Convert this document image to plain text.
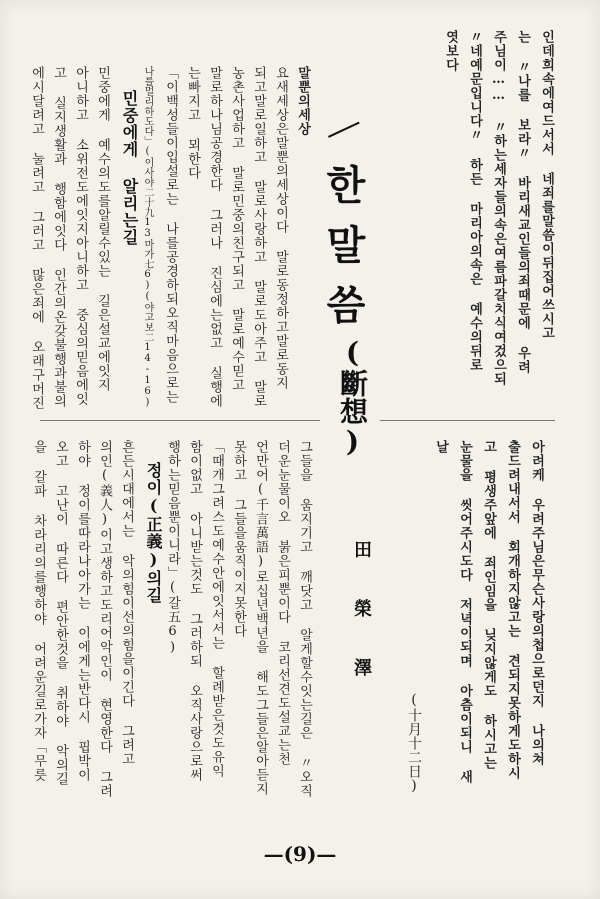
인데희속에여드서서 네죄를말씀이뒤집어쓰시고
는 〃나를 보라〃 바리새교인들의죄때문에 우려
주님이…… 〃하는세자들의속은여름파갈치식여겄으되
〃네예문입니다〃 하든 마리아의속은 예수의뒤로
엿보다
한
말
씀
(斷想)
말뿐의세상
요새세상은말뿐의세상이다 말로동정하고말로동지
되고말로일하고 말로사랑하고 말로도아주고 말로
농촌사업하고 말로민중의친구되고 말로예수믿고
말로하나님공경한다 그러나 진심에는없고 실행에
는빠지고 뫼한다
「이백성들이입설로는 나를공경하되오직마음으로는
나를멀리하도다」(이사야二十九13마가七6)(야고보二14-16)
민중에게 알리는길
민중에게 예수의도를알릴수있는 길은설교에잇지
아니하고 소위전도에잇지아니하고 중심의믿음에잇
고 실지생활과 행함에잇다 인간의온갖불행과불의
에시달려고 눌려고 그러고 많은죄에 오래구머진
아려케 우려주님은무슨사랑의첩으로던지 나의쳐
출드려내서서 회개하지않고는 견되지못하게도하시
고 평생주앞에 죄인임을 닞지않게도 하시고는
눈물을 씻어주시도다 저녁이되며 아츰이되니 새
날
(十月十二日)
田 榮 澤
그들을 움지기고 깨닷고 알게할수잇는길은 〃오직
더운눈물이오 붉은피뿐이다 코리선견도설교는천
언만어(千言萬語)로십년백년을 해도그들은알아듣지
못하고 그들을움직이지못한다
「때개그려스도예수안에잇서서는 할례받은것도유익
함이없고 아니받는것도 그러하되 오직사랑으로써
행하는믿음뿐이니라」(갈五6)
정이(正義)의길
흔든시대에서는 악의힘이선의힘을이긴다 그려고
의인(義人)이고생하고도리어악인이 현영한다 그려
하야 정이를따라나아가는 이에게는반다시 핍박이
오고 고난이 따른다 편안한것을 취하야 악의길
을 갈파 차라리의를행하야 어려운길로가자「무릇
—(9)—
